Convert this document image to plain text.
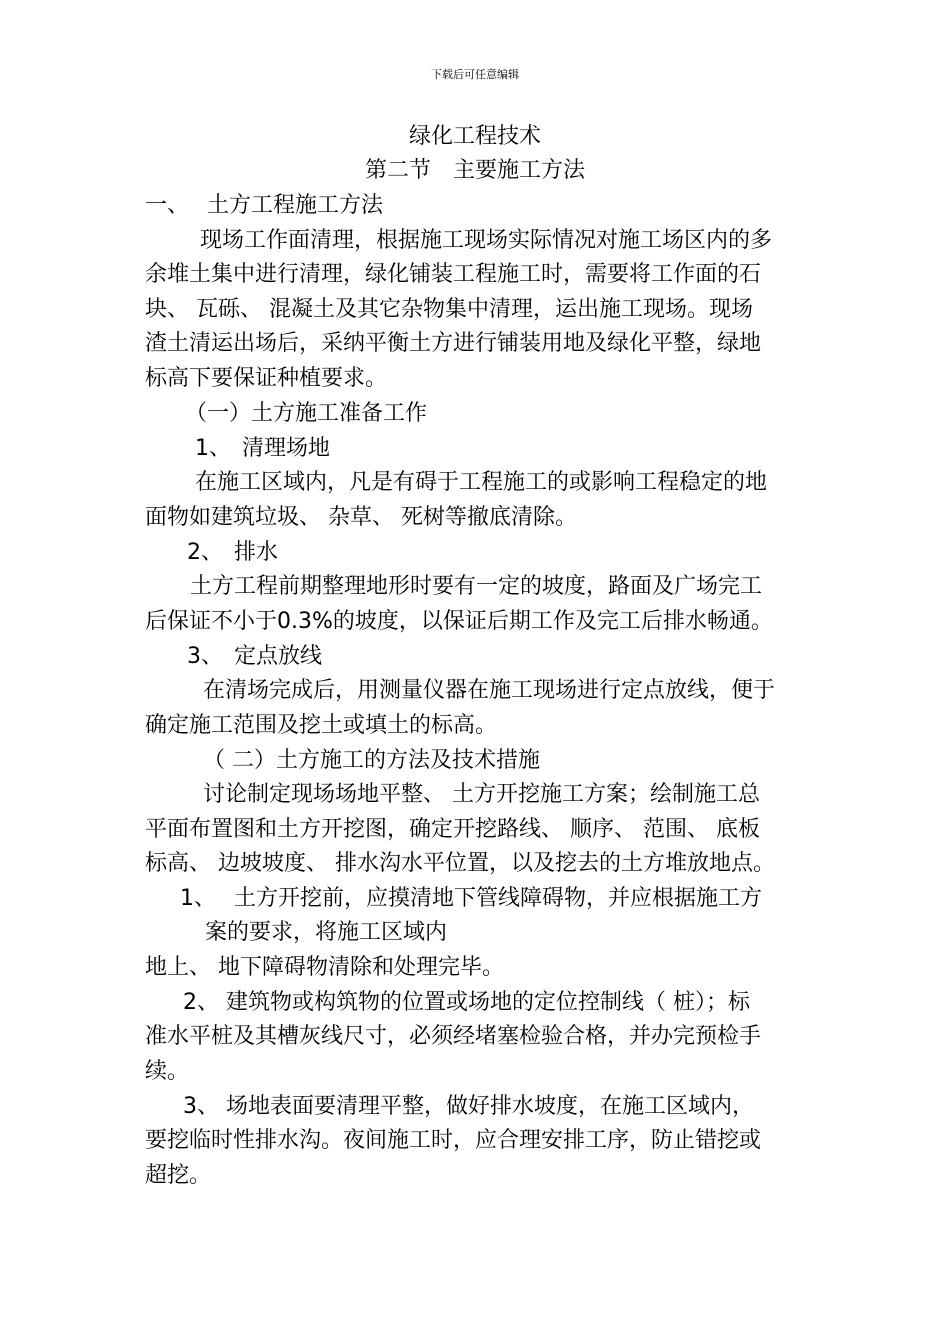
下载后可任意编辑
绿化工程技术
第二节　主要施工方法
一、　 土方工程施工方法
现场工作面清理，根据施工现场实际情况对施工场区内的多
余堆土集中进行清理，绿化铺装工程施工时，需要将工作面的石
块、 瓦砾、 混凝土及其它杂物集中清理，运出施工现场。现场
渣土清运出场后，采纳平衡土方进行铺装用地及绿化平整，绿地
标高下要保证种植要求。
（一）土方施工准备工作
1、　清理场地
在施工区域内，凡是有碍于工程施工的或影响工程稳定的地
面物如建筑垃圾、 杂草、 死树等撤底清除。
2、　排水
土方工程前期整理地形时要有一定的坡度，路面及广场完工
后保证不小于0.3%的坡度，以保证后期工作及完工后排水畅通。
3、　定点放线
在清场完成后，用测量仪器在施工现场进行定点放线，便于
确定施工范围及挖土或填土的标高。
（ 二）土方施工的方法及技术措施
讨论制定现场场地平整、 土方开挖施工方案；绘制施工总
平面布置图和土方开挖图，确定开挖路线、 顺序、 范围、 底板
标高、 边坡坡度、 排水沟水平位置，以及挖去的土方堆放地点。
1、　 土方开挖前，应摸清地下管线障碍物，并应根据施工方
案的要求，将施工区域内
地上、 地下障碍物清除和处理完毕。
2、 建筑物或构筑物的位置或场地的定位控制线（ 桩）；标
准水平桩及其槽灰线尺寸，必须经堵塞检验合格，并办完预检手
续。
3、 场地表面要清理平整，做好排水坡度，在施工区域内，
要挖临时性排水沟。夜间施工时，应合理安排工序，防止错挖或
超挖。
